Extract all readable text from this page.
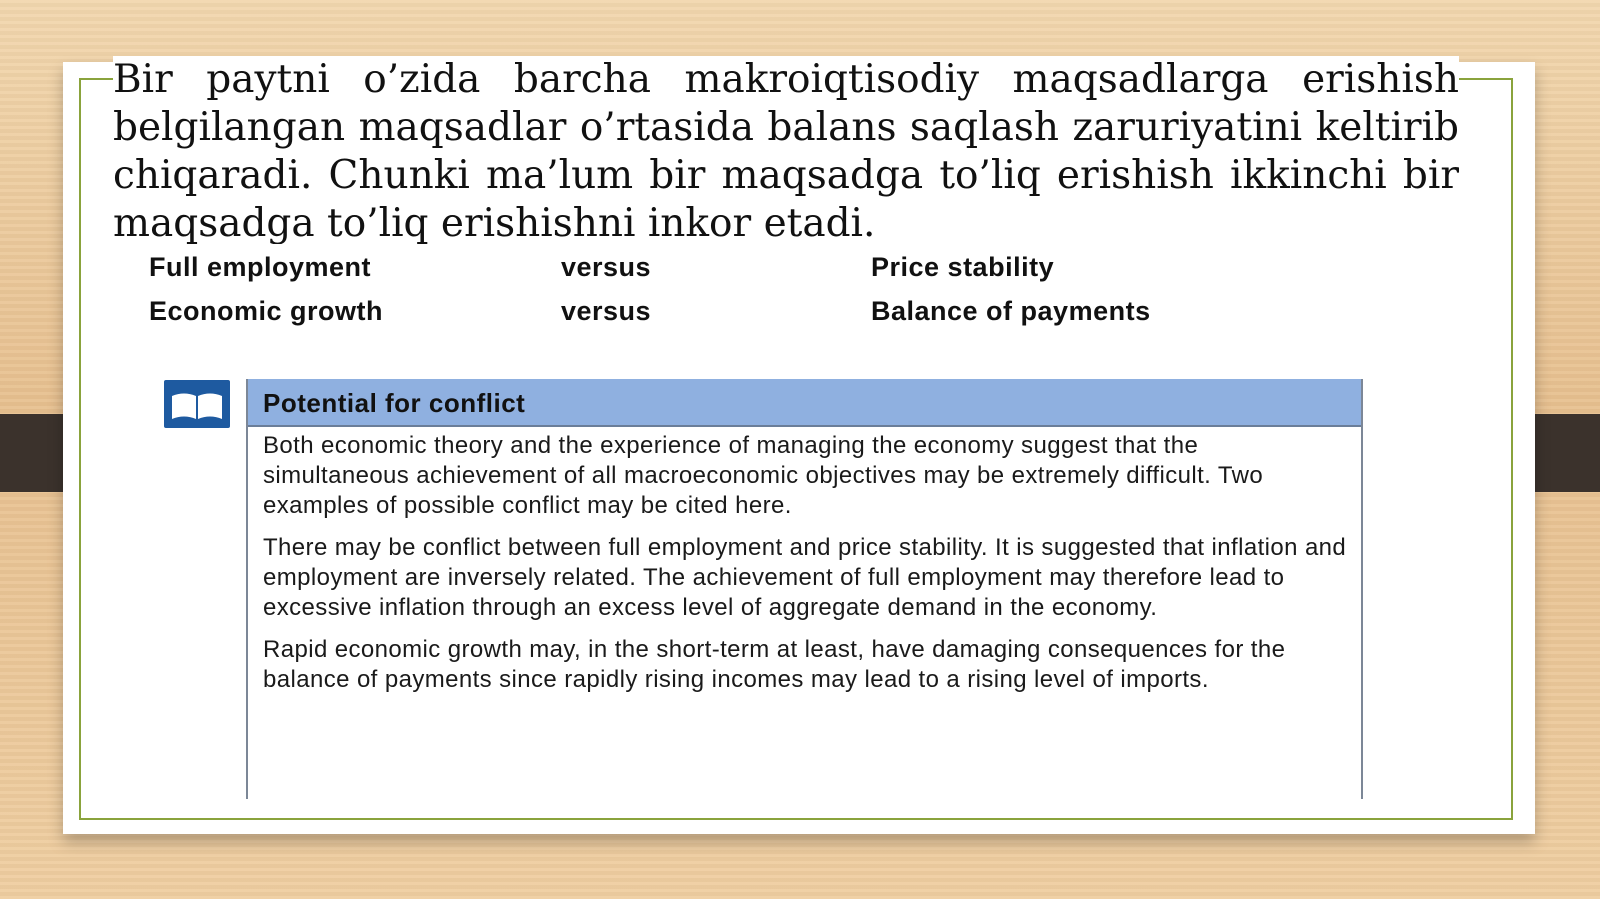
Bir paytni o’zida barcha makroiqtisodiy maqsadlarga erishish belgilangan maqsadlar o’rtasida balans saqlash zaruriyatini keltirib chiqaradi. Chunki ma’lum bir maqsadga to’liq erishish ikkinchi bir maqsadga to’liq erishishni inkor etadi.

Full employment	versus	Price stability
Economic growth	versus	Balance of payments
Potential for conflict

Both economic theory and the experience of managing the economy suggest that the simultaneous achievement of all macroeconomic objectives may be extremely difficult. Two examples of possible conflict may be cited here.

There may be conflict between full employment and price stability. It is suggested that inflation and employment are inversely related. The achievement of full employment may therefore lead to excessive inflation through an excess level of aggregate demand in the economy.

Rapid economic growth may, in the short-term at least, have damaging consequences for the balance of payments since rapidly rising incomes may lead to a rising level of imports.
